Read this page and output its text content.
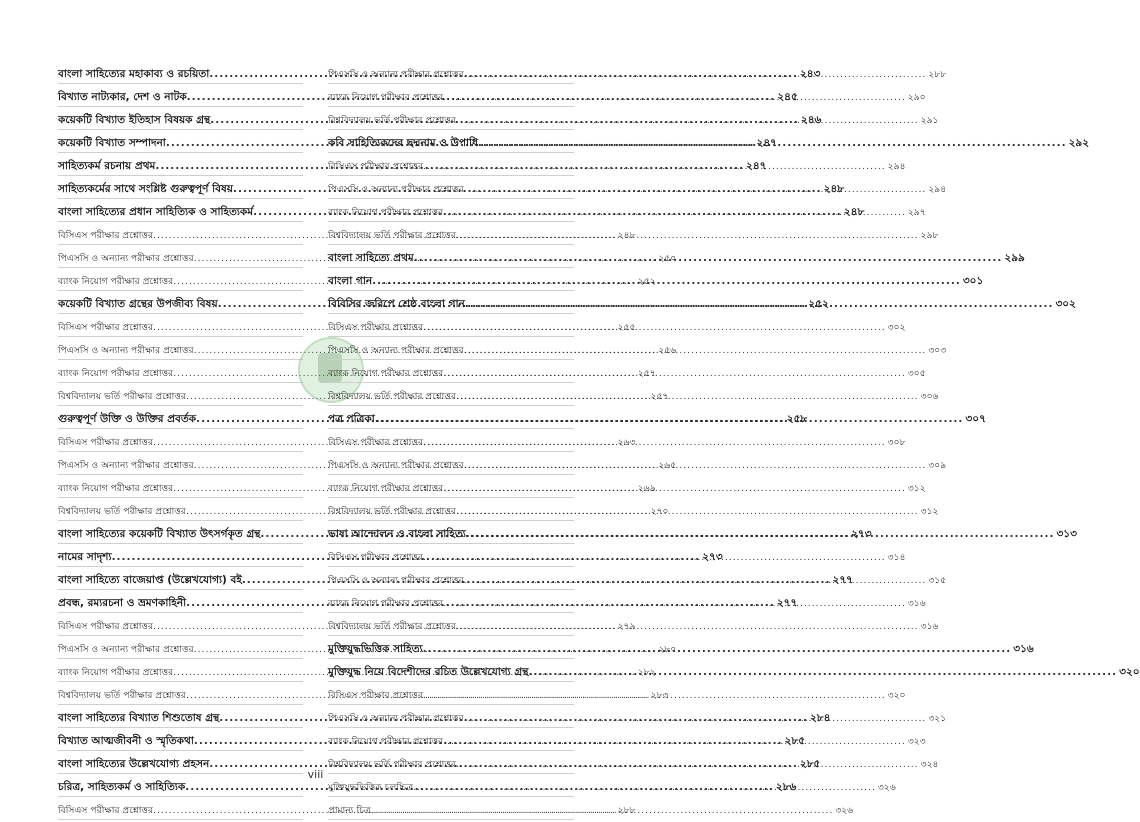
বাংলা সাহিত্যের মহাকাব্য ও রচয়িতা .....	২৪৩
বিখ্যাত নাট্যকার, দেশ ও নাটক .....	২৪৫
কয়েকটি বিখ্যাত ইতিহাস বিষয়ক গ্রন্থ .....	২৪৬
কয়েকটি বিখ্যাত সম্পাদনা .....	২৪৭
সাহিত্যকর্ম রচনায় প্রথম .....	২৪৭
সাহিত্যকর্মের সাথে সংশ্লিষ্ট গুরুত্বপূর্ণ বিষয় .....	২৪৮
বাংলা সাহিত্যের প্রধান সাহিত্যিক ও সাহিত্যকর্ম .....	২৪৮
বিসিএস পরীক্ষার প্রশ্নোত্তর .....	২৪৮
পিএসসি ও অন্যান্য পরীক্ষার প্রশ্নোত্তর .....	২৫০
ব্যাংক নিয়োগ পরীক্ষার প্রশ্নোত্তর .....	২৫২
কয়েকটি বিখ্যাত গ্রন্থের উপজীব্য বিষয় .....	২৫২
বিসিএস পরীক্ষার প্রশ্নোত্তর .....	২৫৫
পিএসসি ও অন্যান্য পরীক্ষার প্রশ্নোত্তর .....	২৫৬
ব্যাংক নিয়োগ পরীক্ষার প্রশ্নোত্তর .....	২৫৭
বিশ্ববিদ্যালয় ভর্তি পরীক্ষার প্রশ্নোত্তর .....	২৫৭
গুরুত্বপূর্ণ উক্তি ও উক্তির প্রবর্তক .....	২৫৮
বিসিএস পরীক্ষার প্রশ্নোত্তর .....	২৬৩
পিএসসি ও অন্যান্য পরীক্ষার প্রশ্নোত্তর .....	২৬৫
ব্যাংক নিয়োগ পরীক্ষার প্রশ্নোত্তর .....	২৬৯
বিশ্ববিদ্যালয় ভর্তি পরীক্ষার প্রশ্নোত্তর .....	২৭০
বাংলা সাহিত্যের কয়েকটি বিখ্যাত উৎসর্গকৃত গ্রন্থ .....	২৭৩
নামের সাদৃশ্য .....	২৭৩
বাংলা সাহিত্যে বাজেয়াপ্ত (উল্লেখযোগ্য) বই .....	২৭৭
প্রবন্ধ, রম্যরচনা ও ভ্রমণকাহিনী .....	২৭৭
বিসিএস পরীক্ষার প্রশ্নোত্তর .....	২৭৯
পিএসসি ও অন্যান্য পরীক্ষার প্রশ্নোত্তর .....	২৮০
ব্যাংক নিয়োগ পরীক্ষার প্রশ্নোত্তর .....	২৮২
বিশ্ববিদ্যালয় ভর্তি পরীক্ষার প্রশ্নোত্তর .....	২৮৩
বাংলা সাহিত্যের বিখ্যাত শিশুতোষ গ্রন্থ .....	২৮৪
বিখ্যাত আত্মজীবনী ও স্মৃতিকথা .....	২৮৫
বাংলা সাহিত্যের উল্লেখযোগ্য প্রহসন .....	২৮৫
চরিত্র, সাহিত্যকর্ম ও সাহিত্যিক .....	২৮৬
বিসিএস পরীক্ষার প্রশ্নোত্তর .....	২৮৮
পিএসসি ও অন্যান্য পরীক্ষার প্রশ্নোত্তর .....	২৮৮
ব্যাংক নিয়োগ পরীক্ষার প্রশ্নোত্তর .....	২৯০
বিশ্ববিদ্যালয় ভর্তি পরীক্ষার প্রশ্নোত্তর .....	২৯১
কবি সাহিত্যিকদের ছদ্মনাম ও উপাধি .....	২৯২
বিসিএস পরীক্ষার প্রশ্নোত্তর .....	২৯৪
পিএসসি ও অন্যান্য পরীক্ষার প্রশ্নোত্তর .....	২৯৪
ব্যাংক নিয়োগ পরীক্ষার প্রশ্নোত্তর .....	২৯৭
বিশ্ববিদ্যালয় ভর্তি পরীক্ষার প্রশ্নোত্তর .....	২৯৮
বাংলা সাহিত্যে প্রথম .....	২৯৯
বাংলা গান .....	৩০১
বিবিসির জরিপে শ্রেষ্ঠ বাংলা গান .....	৩০২
বিসিএস পরীক্ষার প্রশ্নোত্তর .....	৩০২
পিএসসি ও অন্যান্য পরীক্ষার প্রশ্নোত্তর .....	৩০৩
ব্যাংক নিয়োগ পরীক্ষার প্রশ্নোত্তর .....	৩০৫
বিশ্ববিদ্যালয় ভর্তি পরীক্ষার প্রশ্নোত্তর .....	৩০৬
পত্র পত্রিকা .....	৩০৭
বিসিএস পরীক্ষার প্রশ্নোত্তর .....	৩০৮
পিএসসি ও অন্যান্য পরীক্ষার প্রশ্নোত্তর .....	৩০৯
ব্যাংক নিয়োগ পরীক্ষার প্রশ্নোত্তর .....	৩১২
বিশ্ববিদ্যালয় ভর্তি পরীক্ষার প্রশ্নোত্তর .....	৩১২
ভাষা আন্দোলন ও বাংলা সাহিত্য .....	৩১৩
বিসিএস পরীক্ষার প্রশ্নোত্তর .....	৩১৪
পিএসসি ও অন্যান্য পরীক্ষার প্রশ্নোত্তর .....	৩১৫
ব্যাংক নিয়োগ পরীক্ষার প্রশ্নোত্তর .....	৩১৬
বিশ্ববিদ্যালয় ভর্তি পরীক্ষার প্রশ্নোত্তর .....	৩১৬
মুক্তিযুদ্ধভিত্তিক সাহিত্য .....	৩১৬
মুক্তিযুদ্ধ নিয়ে বিদেশীদের রচিত উল্লেখযোগ্য গ্রন্থ .....	৩২০
বিসিএস পরীক্ষার প্রশ্নোত্তর .....	৩২০
পিএসসি ও অন্যান্য পরীক্ষার প্রশ্নোত্তর .....	৩২১
ব্যাংক নিয়োগ পরীক্ষার প্রশ্নোত্তর .....	৩২৩
বিশ্ববিদ্যালয় ভর্তি পরীক্ষার প্রশ্নোত্তর .....	৩২৪
মুক্তিযুদ্ধভিত্তিক চলচ্চিত্র .....	৩২৬
প্রামান্য চিত্র .....	৩২৬
viii
